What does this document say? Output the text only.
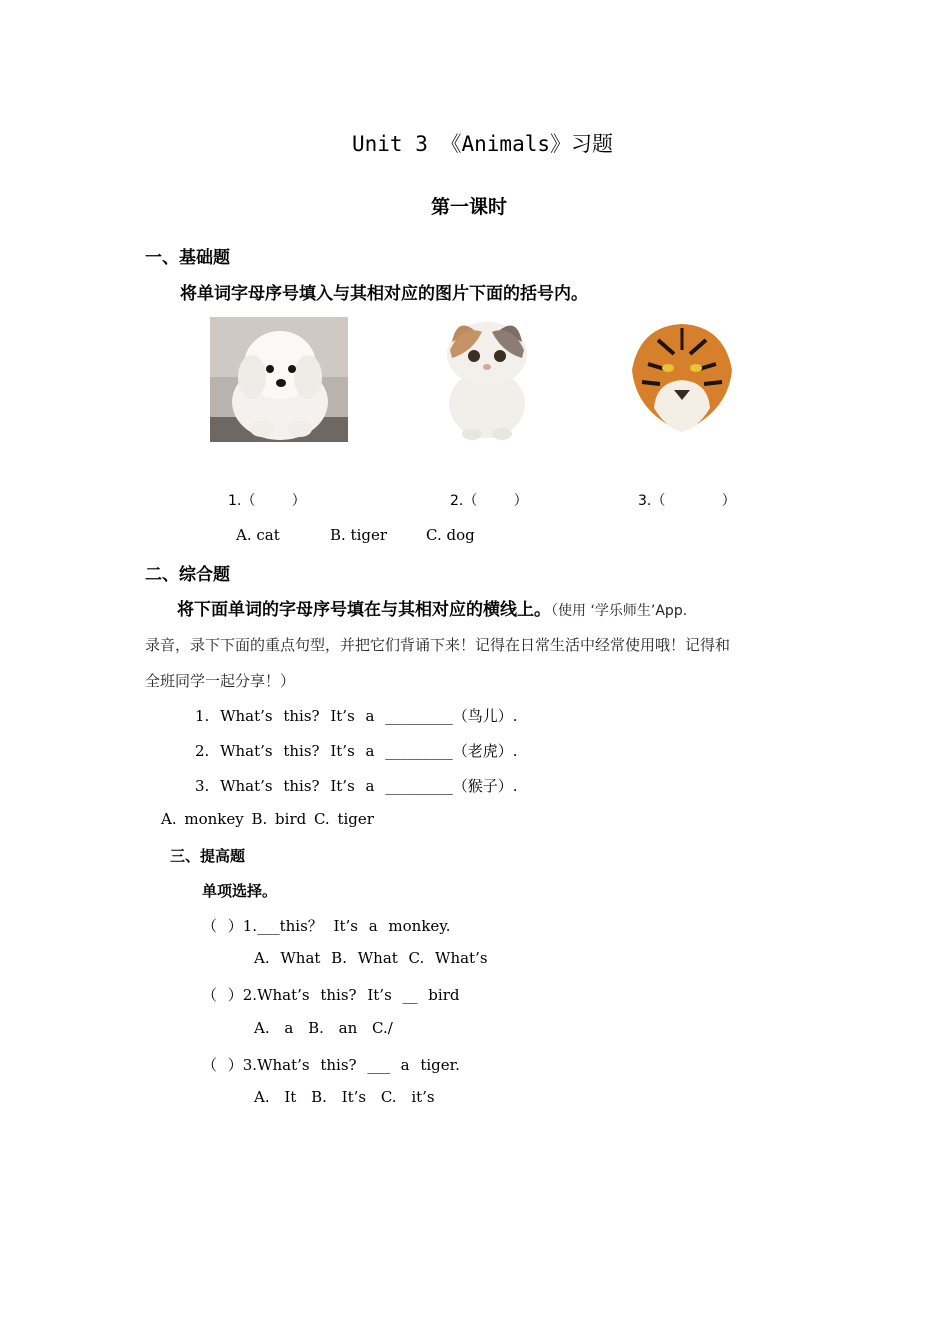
Unit 3 《Animals》习题
第一课时
一、基础题
将单词字母序号填入与其相对应的图片下面的括号内。
1.（ ）	2.（ ）	3.（ ）
A. cat	B. tiger	C. dog
二、综合题
将下面单词的字母序号填在与其相对应的横线上。（使用 ‘学乐师生’App.
录音，录下下面的重点句型，并把它们背诵下来！记得在日常生活中经常使用哦！记得和
全班同学一起分享！）
1. What’s this? It’s a _________（鸟儿）.
2. What’s this? It’s a _________（老虎）.
3. What’s this? It’s a _________（猴子）.
A. monkey B. bird C. tiger
三、提高题
单项选择。
（ ）1.___this？ It’s a monkey.
A. What B. What C. What’s
（ ）2.What’s this? It’s __ bird
A. a B. an C./
（ ）3.What’s this? ___ a tiger.
A. It B. It’s C. it’s
